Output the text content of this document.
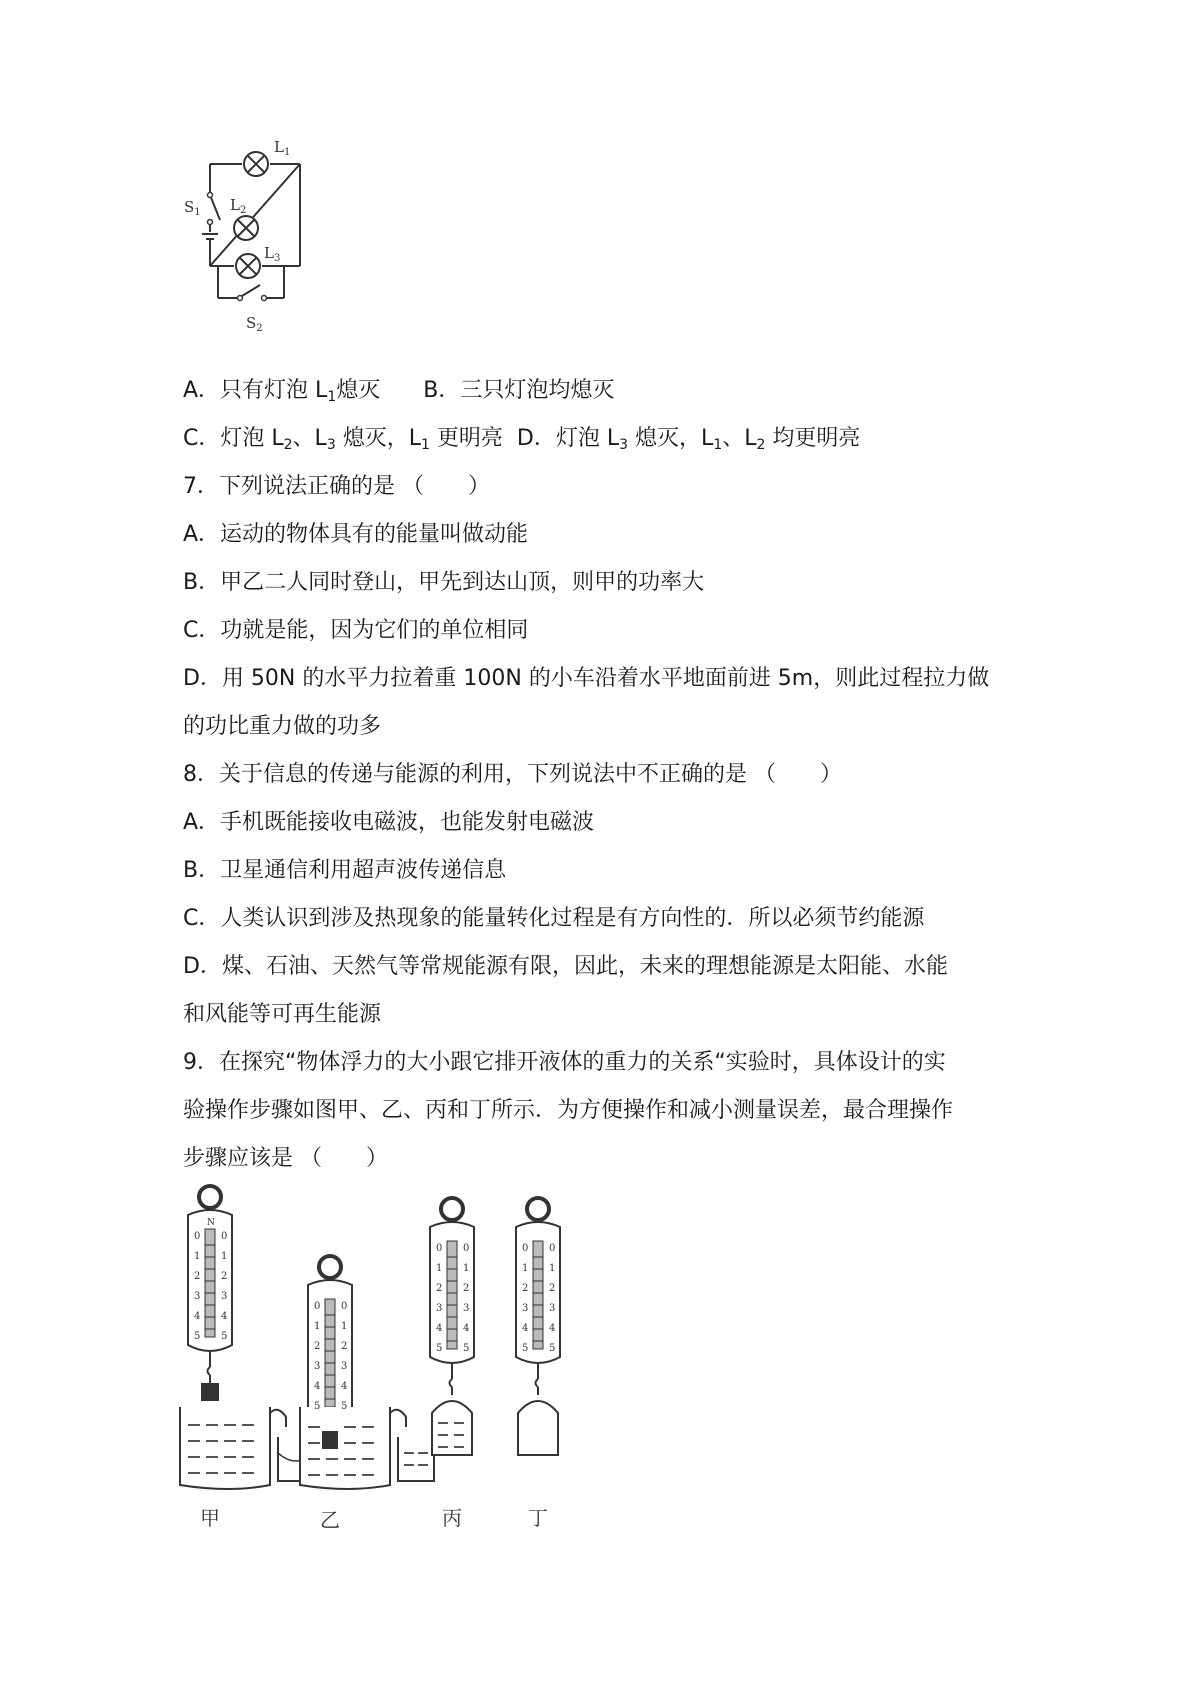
$L_1$
$L_2$
$L_3$
$S_1$
$S_2$
A．只有灯泡 $L_1$熄灭 B．三只灯泡均熄灭
C．灯泡 $L_2$、$L_3$ 熄灭，$L_1$ 更明亮 D．灯泡 $L_3$ 熄灭，$L_1$、$L_2$ 均更明亮
7．下列说法正确的是 （　　）
A．运动的物体具有的能量叫做动能
B．甲乙二人同时登山，甲先到达山顶，则甲的功率大
C．功就是能，因为它们的单位相同
D．用 50N 的水平力拉着重 100N 的小车沿着水平地面前进 5m，则此过程拉力做
的功比重力做的功多
8．关于信息的传递与能源的利用，下列说法中不正确的是 （　　）
A．手机既能接收电磁波，也能发射电磁波
B．卫星通信利用超声波传递信息
C．人类认识到涉及热现象的能量转化过程是有方向性的．所以必须节约能源
D．煤、石油、天然气等常规能源有限，因此，未来的理想能源是太阳能、水能
和风能等可再生能源
9．在探究“物体浮力的大小跟它排开液体的重力的关系“实验时，具体设计的实
验操作步骤如图甲、乙、丙和丁所示．为方便操作和减小测量误差，最合理操作
步骤应该是 （　　）
N
甲	乙	丙	丁
0 0
1 1
2 2
3 3
4 4
5 5
0 0
1 1
2 2
3 3
4 4
5 5
0 0
1 1
2 2
3 3
4 4
5 5
0 0
1 1
2 2
3 3
4 4
5 5
